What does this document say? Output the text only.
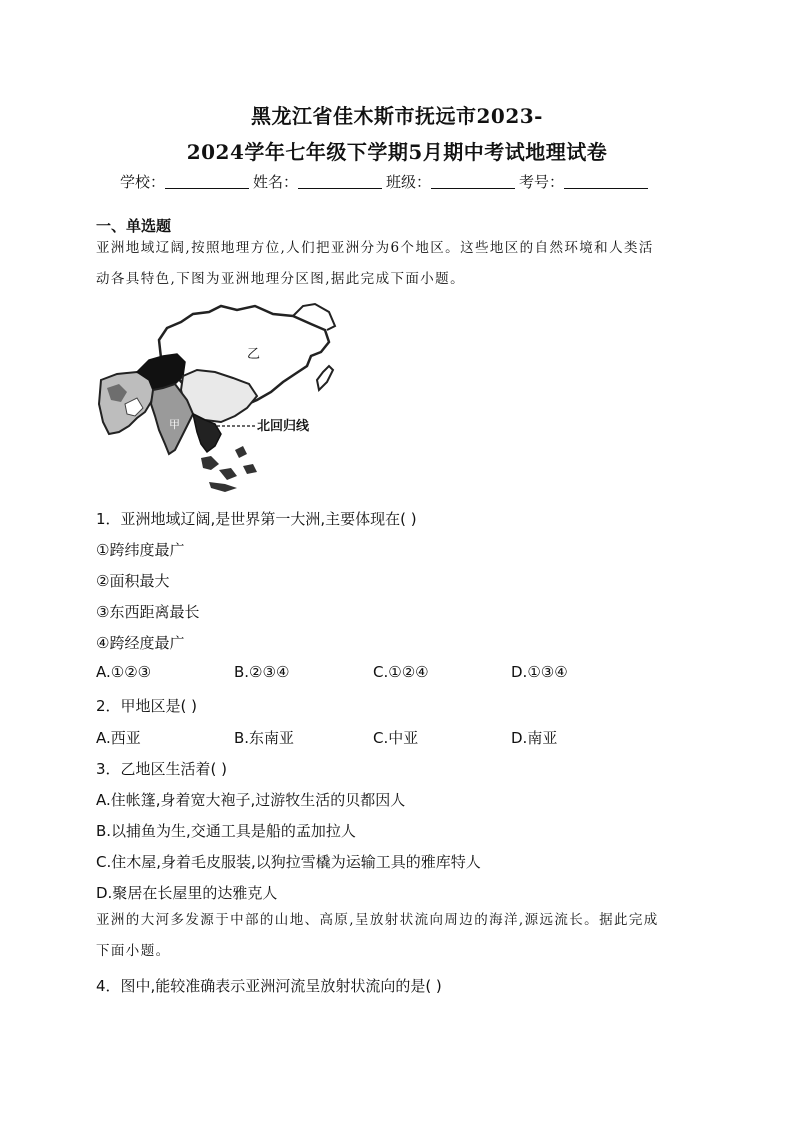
黑龙江省佳木斯市抚远市2023-
2024学年七年级下学期5月期中考试地理试卷
学校：	姓名：	班级：	考号：
一、单选题
亚洲地域辽阔,按照地理方位,人们把亚洲分为6个地区。这些地区的自然环境和人类活
动各具特色,下图为亚洲地理分区图,据此完成下面小题。
乙
甲	北回归线
1．亚洲地域辽阔,是世界第一大洲,主要体现在( )
①跨纬度最广
②面积最大
③东西距离最长
④跨经度最广
A.①②③	B.②③④	C.①②④	D.①③④
2．甲地区是( )
A.西亚	B.东南亚	C.中亚	D.南亚
3．乙地区生活着( )
A.住帐篷,身着宽大袍子,过游牧生活的贝都因人
B.以捕鱼为生,交通工具是船的孟加拉人
C.住木屋,身着毛皮服装,以狗拉雪橇为运输工具的雅库特人
D.聚居在长屋里的达雅克人
亚洲的大河多发源于中部的山地、高原,呈放射状流向周边的海洋,源远流长。据此完成
下面小题。
4．图中,能较准确表示亚洲河流呈放射状流向的是( )
